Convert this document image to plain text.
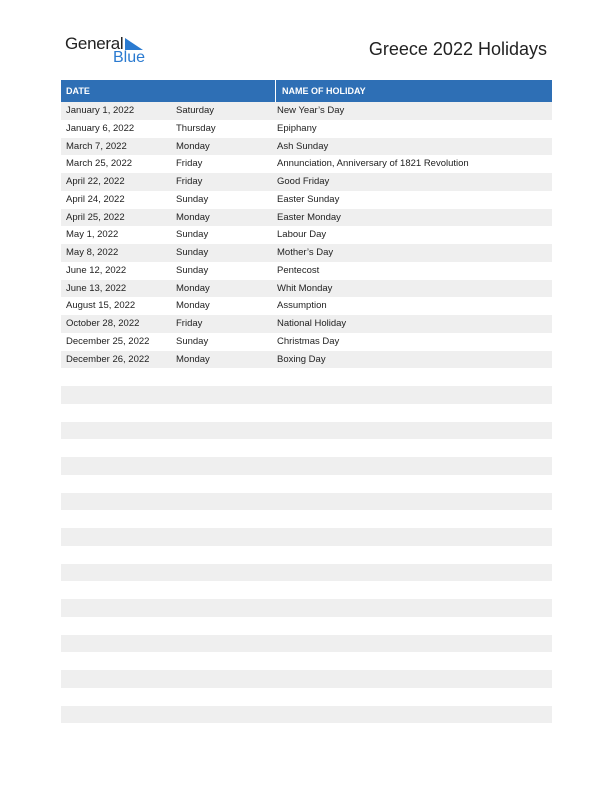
General
Blue	Greece 2022 Holidays
DATE	NAME OF HOLIDAY
January 1, 2022	Saturday	New Year’s Day
January 6, 2022	Thursday	Epiphany
March 7, 2022	Monday	Ash Sunday
March 25, 2022	Friday	Annunciation, Anniversary of 1821 Revolution
April 22, 2022	Friday	Good Friday
April 24, 2022	Sunday	Easter Sunday
April 25, 2022	Monday	Easter Monday
May 1, 2022	Sunday	Labour Day
May 8, 2022	Sunday	Mother’s Day
June 12, 2022	Sunday	Pentecost
June 13, 2022	Monday	Whit Monday
August 15, 2022	Monday	Assumption
October 28, 2022	Friday	National Holiday
December 25, 2022	Sunday	Christmas Day
December 26, 2022	Monday	Boxing Day
